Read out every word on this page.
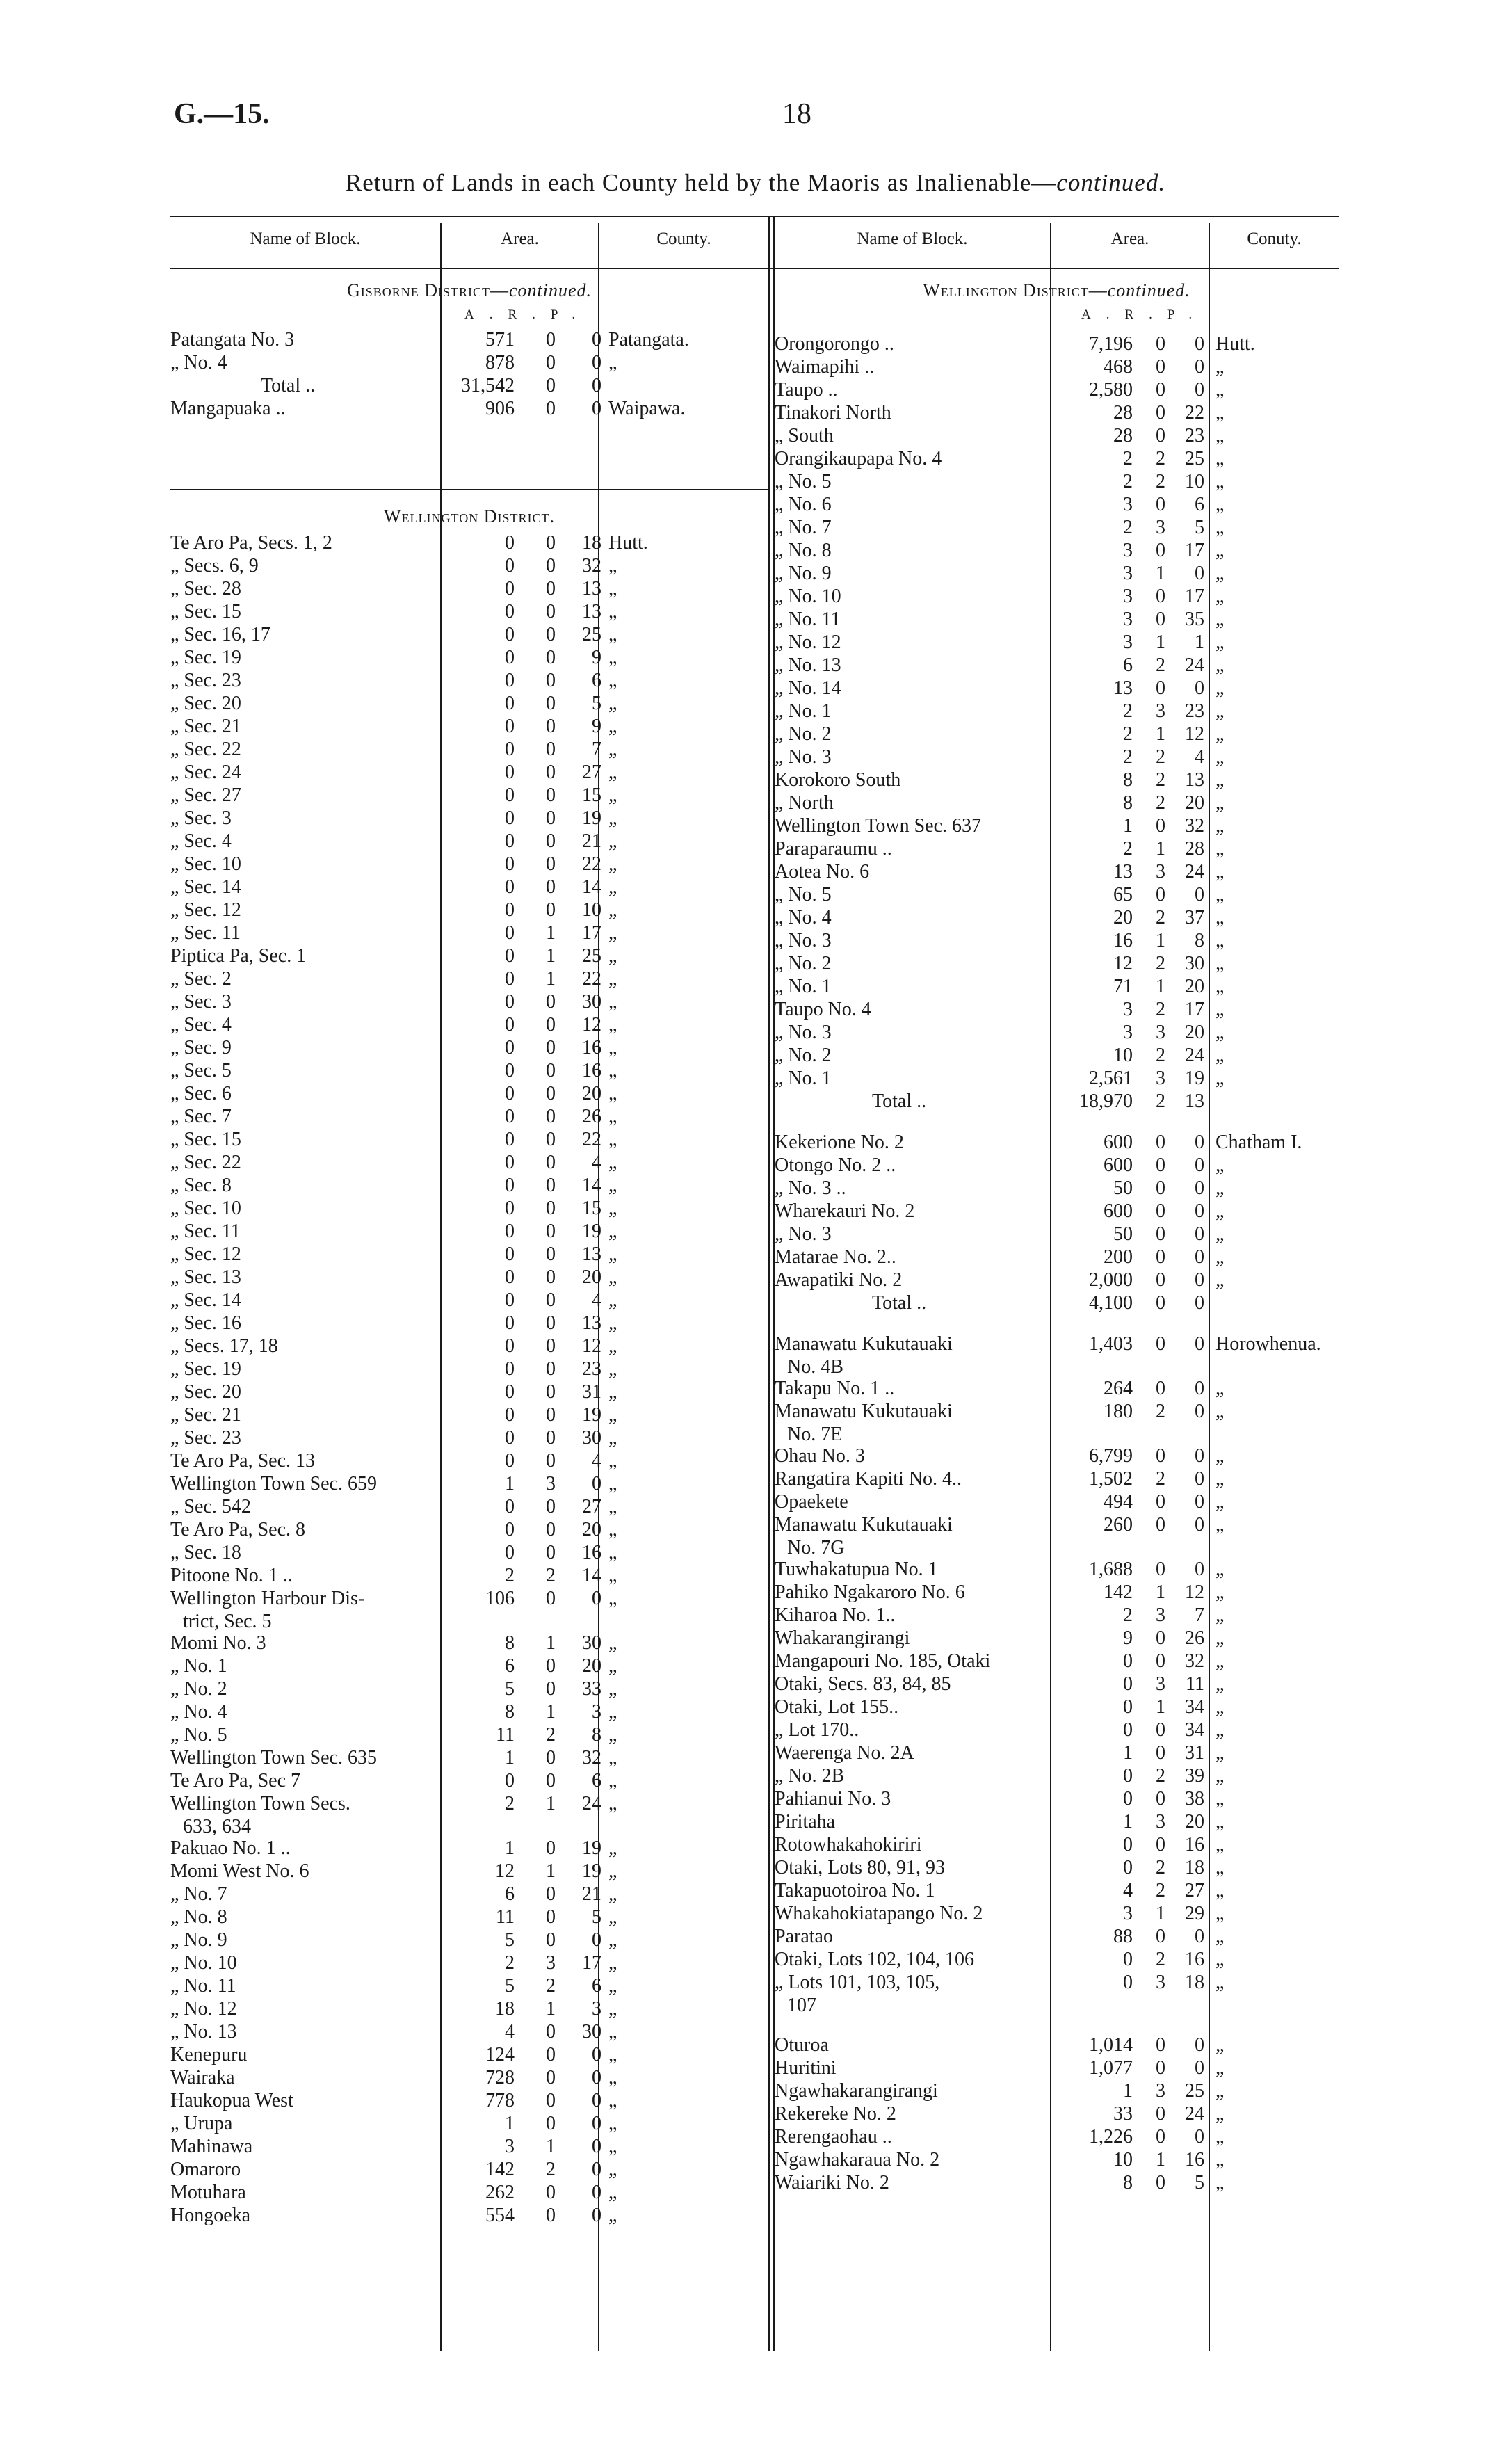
G.—15.	18
Return of Lands in each County held by the Maoris as Inalienable—continued.
Name of Block.	Area.	County.	Name of Block.	Area.	Conuty.
Gisborne District—continued.
Wellington District.
Wellington District—continued.
A.R.P.	A.R.P.
Patangata No. 3	571	0	0 Patangata.
„ No. 4	878	0	0 „
Total ..	31,542	0	0
Mangapuaka ..	906	0	0 Waipawa.
Te Aro Pa, Secs. 1, 2	0	0	18 Hutt.
„ Secs. 6, 9	0	0	32 „
„ Sec. 28	0	0	13 „
„ Sec. 15	0	0	13 „
„ Sec. 16, 17	0	0	25 „
„ Sec. 19	0	0	9 „
„ Sec. 23	0	0	6 „
„ Sec. 20	0	0	5 „
„ Sec. 21	0	0	9 „
„ Sec. 22	0	0	7 „
„ Sec. 24	0	0	27 „
„ Sec. 27	0	0	15 „
„ Sec. 3	0	0	19 „
„ Sec. 4	0	0	21 „
„ Sec. 10	0	0	22 „
„ Sec. 14	0	0	14 „
„ Sec. 12	0	0	10 „
„ Sec. 11	0	1	17 „
Piptica Pa, Sec. 1	0	1	25 „
„ Sec. 2	0	1	22 „
„ Sec. 3	0	0	30 „
„ Sec. 4	0	0	12 „
„ Sec. 9	0	0	16 „
„ Sec. 5	0	0	16 „
„ Sec. 6	0	0	20 „
„ Sec. 7	0	0	26 „
„ Sec. 15	0	0	22 „
„ Sec. 22	0	0	4 „
„ Sec. 8	0	0	14 „
„ Sec. 10	0	0	15 „
„ Sec. 11	0	0	19 „
„ Sec. 12	0	0	13 „
„ Sec. 13	0	0	20 „
„ Sec. 14	0	0	4 „
„ Sec. 16	0	0	13 „
„ Secs. 17, 18	0	0	12 „
„ Sec. 19	0	0	23 „
„ Sec. 20	0	0	31 „
„ Sec. 21	0	0	19 „
„ Sec. 23	0	0	30 „
Te Aro Pa, Sec. 13	0	0	4 „
Wellington Town Sec. 659	1	3	0 „
„ Sec. 542	0	0	27 „
Te Aro Pa, Sec. 8	0	0	20 „
„ Sec. 18	0	0	16 „
Pitoone No. 1 ..	2	2	14 „
Wellington Harbour Dis-
trict, Sec. 5
106	0	0 „
Momi No. 3	8	1	30 „
„ No. 1	6	0	20 „
„ No. 2	5	0	33 „
„ No. 4	8	1	3 „
„ No. 5	11	2	8 „
Wellington Town Sec. 635	1	0	32 „
Te Aro Pa, Sec 7	0	0	6 „
Wellington Town Secs.
633, 634
2	1	24 „
Pakuao No. 1 ..	1	0	19 „
Momi West No. 6	12	1	19 „
„ No. 7	6	0	21 „
„ No. 8	11	0	5 „
„ No. 9	5	0	0 „
„ No. 10	2	3	17 „
„ No. 11	5	2	6 „
„ No. 12	18	1	3 „
„ No. 13	4	0	30 „
Kenepuru	124	0	0 „
Wairaka	728	0	0 „
Haukopua West	778	0	0 „
„ Urupa	1	0	0 „
Mahinawa	3	1	0 „
Omaroro	142	2	0 „
Motuhara	262	0	0 „
Hongoeka	554	0	0 „
Orongorongo ..	7,196	0	0 Hutt.
Waimapihi ..	468	0	0 „
Taupo ..	2,580	0	0 „
Tinakori North	28	0	22 „
„ South	28	0	23 „
Orangikaupapa No. 4	2	2	25 „
„ No. 5	2	2	10 „
„ No. 6	3	0	6 „
„ No. 7	2	3	5 „
„ No. 8	3	0	17 „
„ No. 9	3	1	0 „
„ No. 10	3	0	17 „
„ No. 11	3	0	35 „
„ No. 12	3	1	1 „
„ No. 13	6	2	24 „
„ No. 14	13	0	0 „
„ No. 1	2	3	23 „
„ No. 2	2	1	12 „
„ No. 3	2	2	4 „
Korokoro South	8	2	13 „
„ North	8	2	20 „
Wellington Town Sec. 637	1	0	32 „
Paraparaumu ..	2	1	28 „
Aotea No. 6	13	3	24 „
„ No. 5	65	0	0 „
„ No. 4	20	2	37 „
„ No. 3	16	1	8 „
„ No. 2	12	2	30 „
„ No. 1	71	1	20 „
Taupo No. 4	3	2	17 „
„ No. 3	3	3	20 „
„ No. 2	10	2	24 „
„ No. 1	2,561	3	19 „
Total ..	18,970	2	13
Kekerione No. 2	600	0	0 Chatham I.
Otongo No. 2 ..	600	0	0 „
„ No. 3 ..	50	0	0 „
Wharekauri No. 2	600	0	0 „
„ No. 3	50	0	0 „
Matarae No. 2..	200	0	0 „
Awapatiki No. 2	2,000	0	0 „
Total ..	4,100	0	0
Manawatu Kukutauaki
No. 4B
1,403	0	0 Horowhenua.
Takapu No. 1 ..	264	0	0 „
Manawatu Kukutauaki
No. 7E
180	2	0 „
Ohau No. 3	6,799	0	0 „
Rangatira Kapiti No. 4..	1,502	2	0 „
Opaekete	494	0	0 „
Manawatu Kukutauaki
No. 7G
260	0	0 „
Tuwhakatupua No. 1	1,688	0	0 „
Pahiko Ngakaroro No. 6	142	1	12 „
Kiharoa No. 1..	2	3	7 „
Whakarangirangi	9	0	26 „
Mangapouri No. 185, Otaki	0	0	32 „
Otaki, Secs. 83, 84, 85	0	3	11 „
Otaki, Lot 155..	0	1	34 „
„ Lot 170..	0	0	34 „
Waerenga No. 2A	1	0	31 „
„ No. 2B	0	2	39 „
Pahianui No. 3	0	0	38 „
Piritaha	1	3	20 „
Rotowhakahokiriri	0	0	16 „
Otaki, Lots 80, 91, 93	0	2	18 „
Takapuotoiroa No. 1	4	2	27 „
Whakahokiatapango No. 2	3	1	29 „
Paratao	88	0	0 „
Otaki, Lots 102, 104, 106	0	2	16 „
„ Lots 101, 103, 105,
107
0	3	18 „
Oturoa	1,014	0	0 „
Huritini	1,077	0	0 „
Ngawhakarangirangi	1	3	25 „
Rekereke No. 2	33	0	24 „
Rerengaohau ..	1,226	0	0 „
Ngawhakaraua No. 2	10	1	16 „
Waiariki No. 2	8	0	5 „
